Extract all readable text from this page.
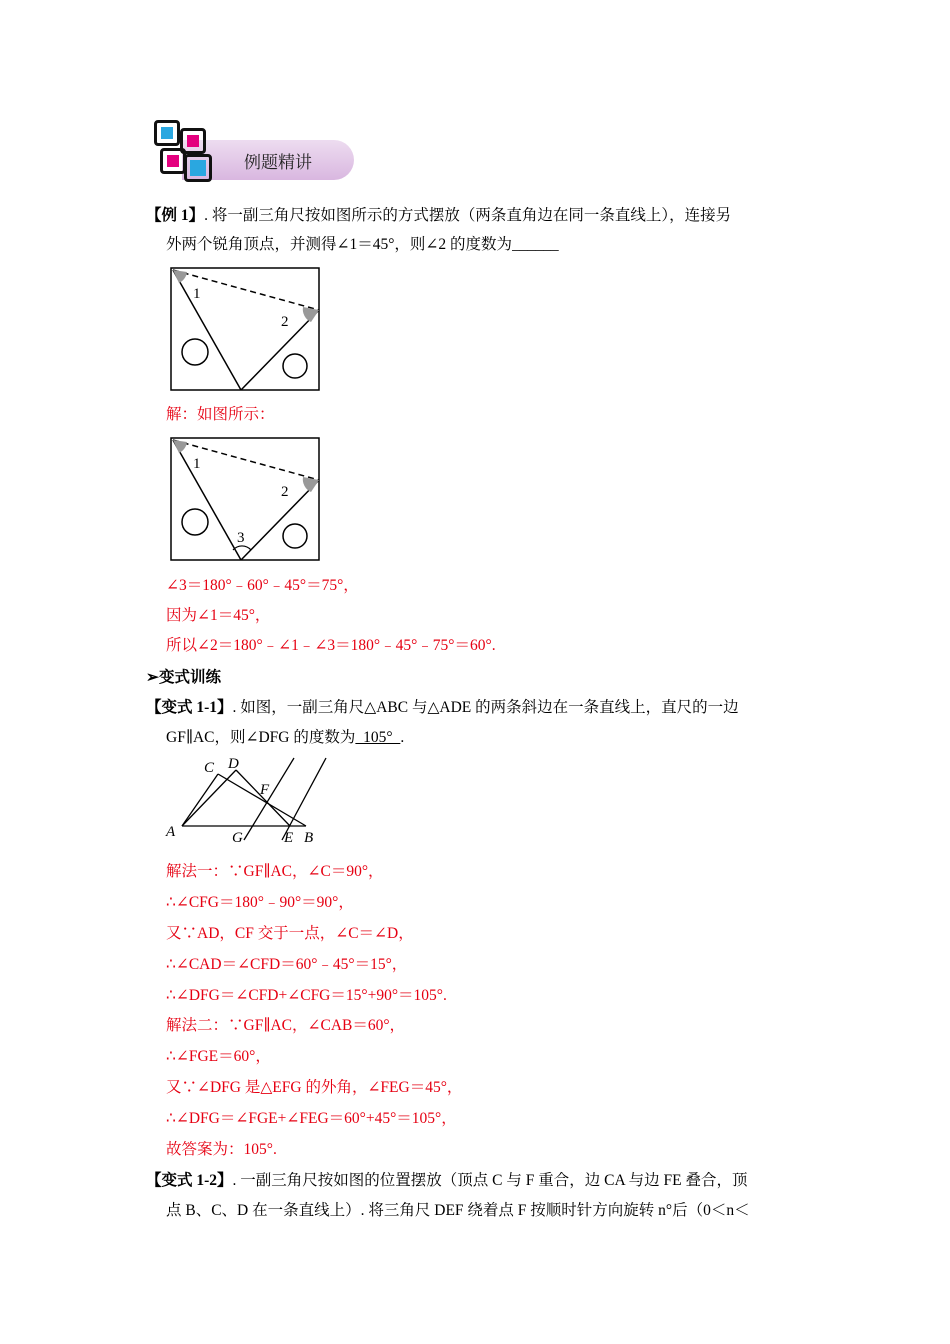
例题精讲
【例 1】. 将一副三角尺按如图所示的方式摆放（两条直角边在同一条直线上），连接另
外两个锐角顶点，并测得∠1＝45°，则∠2 的度数为______
1
2
解：如图所示：
1
2
3
∠3＝180°﹣60°﹣45°＝75°，
因为∠1＝45°，
所以∠2＝180°﹣∠1﹣∠3＝180°﹣45°﹣75°＝60°.
➢变式训练
【变式 1-1】. 如图，一副三角尺△ABC 与△ADE 的两条斜边在一条直线上，直尺的一边
GF∥AC，则∠DFG 的度数为  105°  .
C D
F
A	G	E B
解法一：∵GF∥AC，∠C＝90°，
∴∠CFG＝180°﹣90°＝90°，
又∵AD，CF 交于一点，∠C＝∠D，
∴∠CAD＝∠CFD＝60°﹣45°＝15°，
∴∠DFG＝∠CFD+∠CFG＝15°+90°＝105°.
解法二：∵GF∥AC，∠CAB＝60°，
∴∠FGE＝60°，
又∵∠DFG 是△EFG 的外角，∠FEG＝45°，
∴∠DFG＝∠FGE+∠FEG＝60°+45°＝105°，
故答案为：105°.
【变式 1-2】. 一副三角尺按如图的位置摆放（顶点 C 与 F 重合，边 CA 与边 FE 叠合，顶
点 B、C、D 在一条直线上）. 将三角尺 DEF 绕着点 F 按顺时针方向旋转 n°后（0＜n＜
